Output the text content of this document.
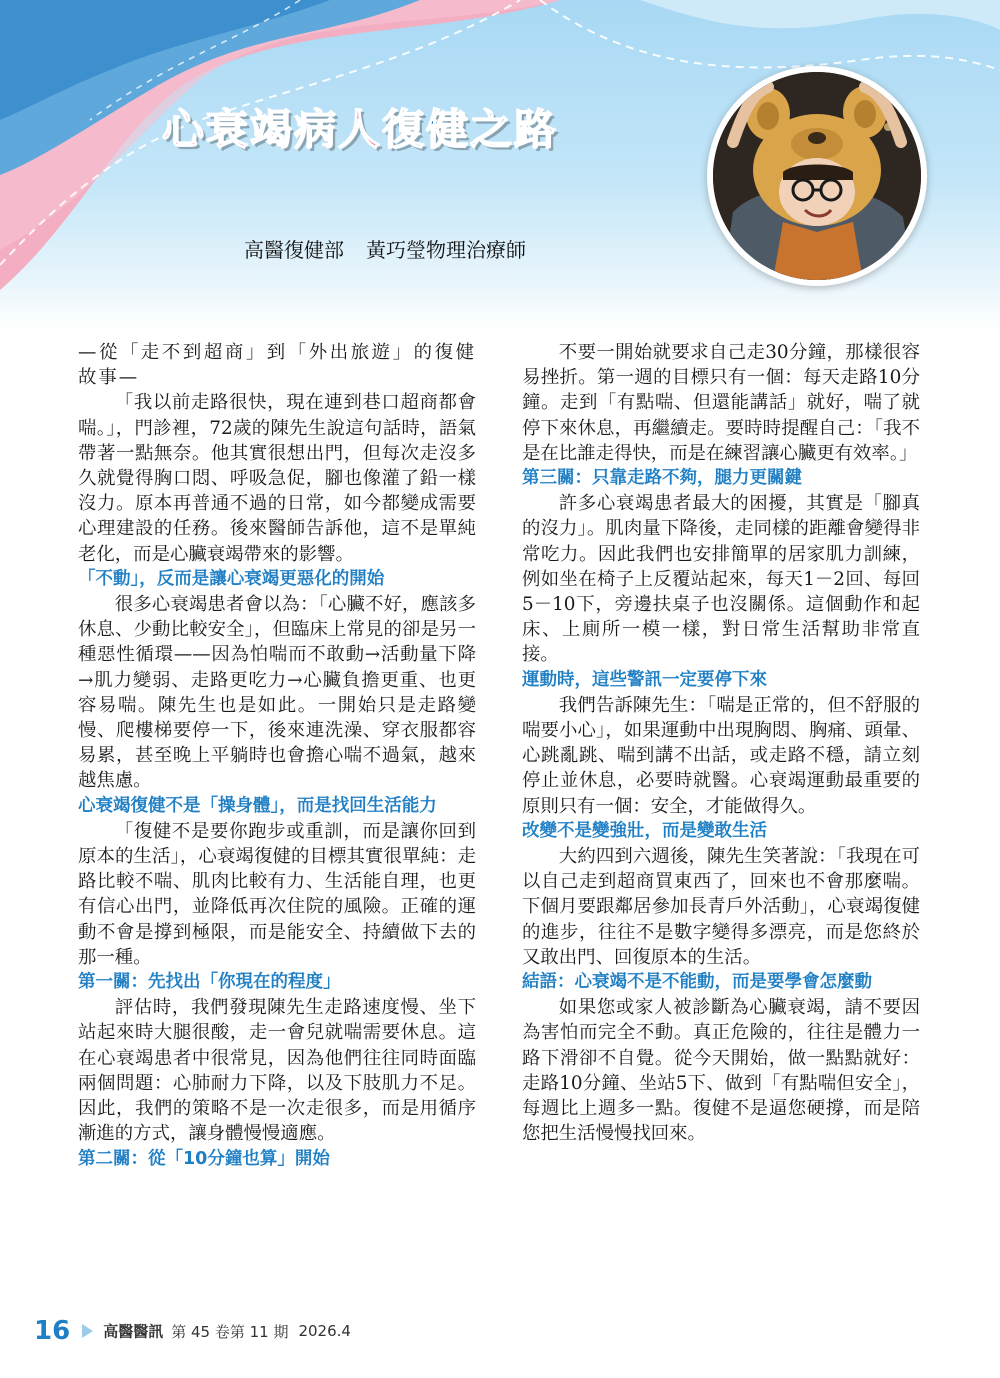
心衰竭病人復健之路
高醫復健部 黃巧瑩物理治療師

—從「走不到超商」到「外出旅遊」的復健故事—

「我以前走路很快，現在連到巷口超商都會喘。」，門診裡，72歲的陳先生說這句話時，語氣帶著一點無奈。他其實很想出門，但每次走沒多久就覺得胸口悶、呼吸急促，腳也像灌了鉛一樣沒力。原本再普通不過的日常，如今都變成需要心理建設的任務。後來醫師告訴他，這不是單純老化，而是心臟衰竭帶來的影響。

「不動」，反而是讓心衰竭更惡化的開始

很多心衰竭患者會以為：「心臟不好，應該多休息、少動比較安全」，但臨床上常見的卻是另一種惡性循環——因為怕喘而不敢動→活動量下降→肌力變弱、走路更吃力→心臟負擔更重、也更容易喘。陳先生也是如此。一開始只是走路變慢、爬樓梯要停一下，後來連洗澡、穿衣服都容易累，甚至晚上平躺時也會擔心喘不過氣，越來越焦慮。

心衰竭復健不是「操身體」，而是找回生活能力

「復健不是要你跑步或重訓，而是讓你回到原本的生活」，心衰竭復健的目標其實很單純：走路比較不喘、肌肉比較有力、生活能自理，也更有信心出門，並降低再次住院的風險。正確的運動不會是撐到極限，而是能安全、持續做下去的那一種。

第一關：先找出「你現在的程度」

評估時，我們發現陳先生走路速度慢、坐下站起來時大腿很酸，走一會兒就喘需要休息。這在心衰竭患者中很常見，因為他們往往同時面臨兩個問題：心肺耐力下降，以及下肢肌力不足。因此，我們的策略不是一次走很多，而是用循序漸進的方式，讓身體慢慢適應。

第二關：從「10分鐘也算」開始

不要一開始就要求自己走30分鐘，那樣很容易挫折。第一週的目標只有一個：每天走路10分鐘。走到「有點喘、但還能講話」就好，喘了就停下來休息，再繼續走。要時時提醒自己：「我不是在比誰走得快，而是在練習讓心臟更有效率。」

第三關：只靠走路不夠，腿力更關鍵

許多心衰竭患者最大的困擾，其實是「腳真的沒力」。肌肉量下降後，走同樣的距離會變得非常吃力。因此我們也安排簡單的居家肌力訓練，例如坐在椅子上反覆站起來，每天1－2回、每回5－10下，旁邊扶桌子也沒關係。這個動作和起床、上廁所一模一樣，對日常生活幫助非常直接。

運動時，這些警訊一定要停下來

我們告訴陳先生：「喘是正常的，但不舒服的喘要小心」，如果運動中出現胸悶、胸痛、頭暈、心跳亂跳、喘到講不出話，或走路不穩，請立刻停止並休息，必要時就醫。心衰竭運動最重要的原則只有一個：安全，才能做得久。

改變不是變強壯，而是變敢生活

大約四到六週後，陳先生笑著說：「我現在可以自己走到超商買東西了，回來也不會那麼喘。下個月要跟鄰居參加長青戶外活動」，心衰竭復健的進步，往往不是數字變得多漂亮，而是您終於又敢出門、回復原本的生活。

結語：心衰竭不是不能動，而是要學會怎麼動

如果您或家人被診斷為心臟衰竭，請不要因為害怕而完全不動。真正危險的，往往是體力一路下滑卻不自覺。從今天開始，做一點點就好：走路10分鐘、坐站5下、做到「有點喘但安全」，每週比上週多一點。復健不是逼您硬撐，而是陪您把生活慢慢找回來。

16 高醫醫訊 第 45 卷第 11 期 2026.4
